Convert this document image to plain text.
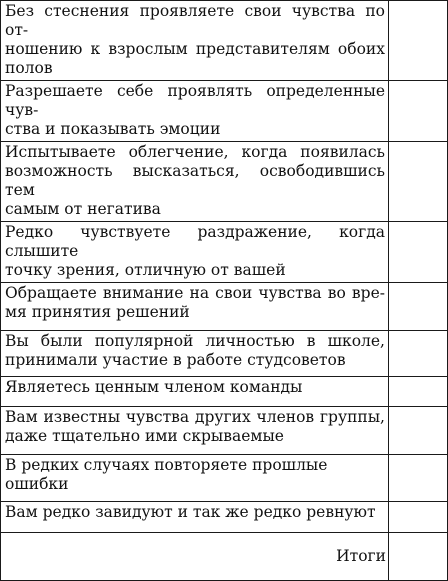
Без стеснения проявляете свои чувства по от-
ношению к взрослым представителям обоих
полов	

Разрешаете себе проявлять определенные чув-
ства и показывать эмоции	

Испытываете облегчение, когда появилась
возможность высказаться, освободившись тем
самым от негатива	

Редко чувствуете раздражение, когда слышите
точку зрения, отличную от вашей	

Обращаете внимание на свои чувства во вре-
мя принятия решений	

Вы были популярной личностью в школе,
принимали участие в работе студсоветов	

Являетесь ценным членом команды	

Вам известны чувства других членов группы,
даже тщательно ими скрываемые	

В редких случаях повторяете прошлые
ошибки	

Вам редко завидуют и так же редко ревнуют	

Итоги	
